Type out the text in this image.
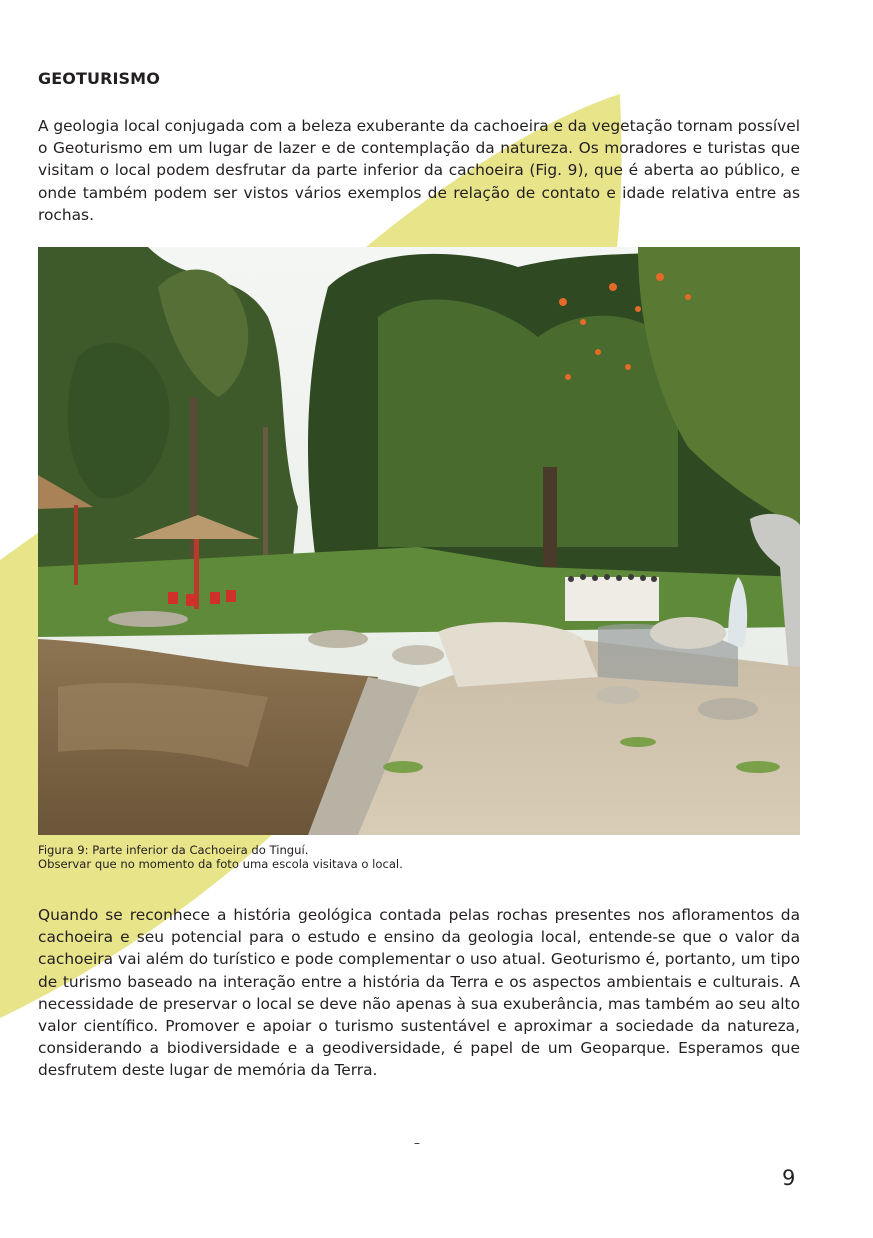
GEOTURISMO

A geologia local conjugada com a beleza exuberante da cachoeira e da vegetação tornam possível o Geoturismo em um lugar de lazer e de contemplação da natureza. Os moradores e turistas que visitam o local podem desfrutar da parte inferior da cachoeira (Fig. 9), que é aberta ao público, e onde também podem ser vistos vários exemplos de relação de contato e idade relativa entre as rochas.

Figura 9: Parte inferior da Cachoeira do Tinguí.
Observar que no momento da foto uma escola visitava o local.

Quando se reconhece a história geológica contada pelas rochas presentes nos afloramentos da cachoeira e seu potencial para o estudo e ensino da geologia local, entende-se que o valor da cachoeira vai além do turístico e pode complementar o uso atual. Geoturismo é, portanto, um tipo de turismo baseado na interação entre a história da Terra e os aspectos ambientais e culturais. A necessidade de preservar o local se deve não apenas à sua exuberância, mas também ao seu alto valor científico. Promover e apoiar o turismo sustentável e aproximar a sociedade da natureza, considerando a biodiversidade e a geodiversidade, é papel de um Geoparque. Esperamos que desfrutem deste lugar de memória da Terra.

–
9
